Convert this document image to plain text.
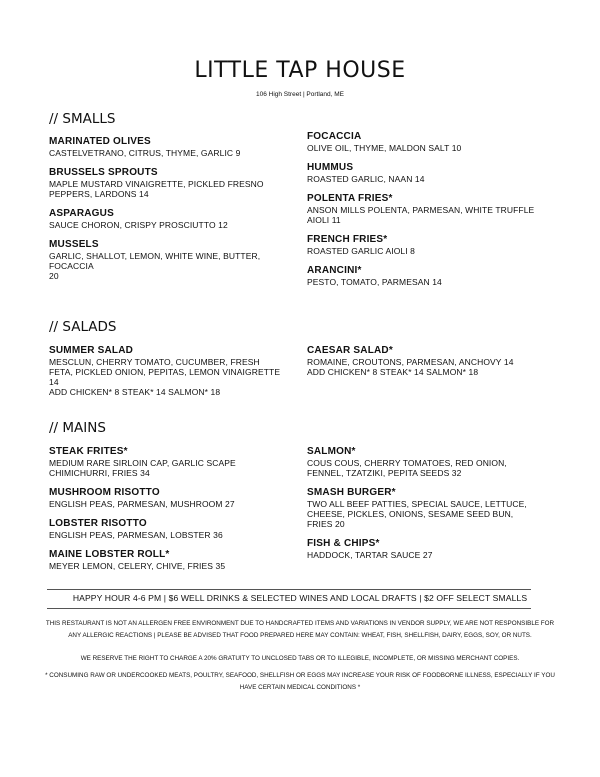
LITTLE TAP HOUSE
106 High Street | Portland, ME
// SMALLS
MARINATED OLIVES
CASTELVETRANO, CITRUS, THYME, GARLIC 9
BRUSSELS SPROUTS
MAPLE MUSTARD VINAIGRETTE, PICKLED FRESNO PEPPERS, LARDONS 14
ASPARAGUS
SAUCE CHORON, CRISPY PROSCIUTTO 12
MUSSELS
GARLIC, SHALLOT, LEMON, WHITE WINE, BUTTER, FOCACCIA
20
FOCACCIA
OLIVE OIL, THYME, MALDON SALT 10
HUMMUS
ROASTED GARLIC, NAAN 14
POLENTA FRIES*
ANSON MILLS POLENTA, PARMESAN, WHITE TRUFFLE AIOLI 11
FRENCH FRIES*
ROASTED GARLIC AIOLI 8
ARANCINI*
PESTO, TOMATO, PARMESAN 14
// SALADS
SUMMER SALAD
MESCLUN, CHERRY TOMATO, CUCUMBER, FRESH FETA, PICKLED ONION, PEPITAS, LEMON VINAIGRETTE 14
ADD CHICKEN* 8 STEAK* 14 SALMON* 18
CAESAR SALAD*
ROMAINE, CROUTONS, PARMESAN, ANCHOVY 14
ADD CHICKEN* 8 STEAK* 14 SALMON* 18
// MAINS
STEAK FRITES*
MEDIUM RARE SIRLOIN CAP, GARLIC SCAPE CHIMICHURRI, FRIES 34
MUSHROOM RISOTTO
ENGLISH PEAS, PARMESAN, MUSHROOM 27
LOBSTER RISOTTO
ENGLISH PEAS, PARMESAN, LOBSTER 36
MAINE LOBSTER ROLL*
MEYER LEMON, CELERY, CHIVE, FRIES 35
SALMON*
COUS COUS, CHERRY TOMATOES, RED ONION, FENNEL, TZATZIKI, PEPITA SEEDS 32
SMASH BURGER*
TWO ALL BEEF PATTIES, SPECIAL SAUCE, LETTUCE, CHEESE, PICKLES, ONIONS, SESAME SEED BUN, FRIES 20
FISH & CHIPS*
HADDOCK, TARTAR SAUCE 27
HAPPY HOUR 4-6 PM | $6 WELL DRINKS & SELECTED WINES AND LOCAL DRAFTS | $2 OFF SELECT SMALLS
THIS RESTAURANT IS NOT AN ALLERGEN FREE ENVIRONMENT DUE TO HANDCRAFTED ITEMS AND VARIATIONS IN VENDOR SUPPLY, WE ARE NOT RESPONSIBLE FOR ANY ALLERGIC REACTIONS | PLEASE BE ADVISED THAT FOOD PREPARED HERE MAY CONTAIN: WHEAT, FISH, SHELLFISH, DAIRY, EGGS, SOY, OR NUTS.
WE RESERVE THE RIGHT TO CHARGE A 20% GRATUITY TO UNCLOSED TABS OR TO ILLEGIBLE, INCOMPLETE, OR MISSING MERCHANT COPIES.
* CONSUMING RAW OR UNDERCOOKED MEATS, POULTRY, SEAFOOD, SHELLFISH OR EGGS MAY INCREASE YOUR RISK OF FOODBORNE ILLNESS, ESPECIALLY IF YOU HAVE CERTAIN MEDICAL CONDITIONS *
